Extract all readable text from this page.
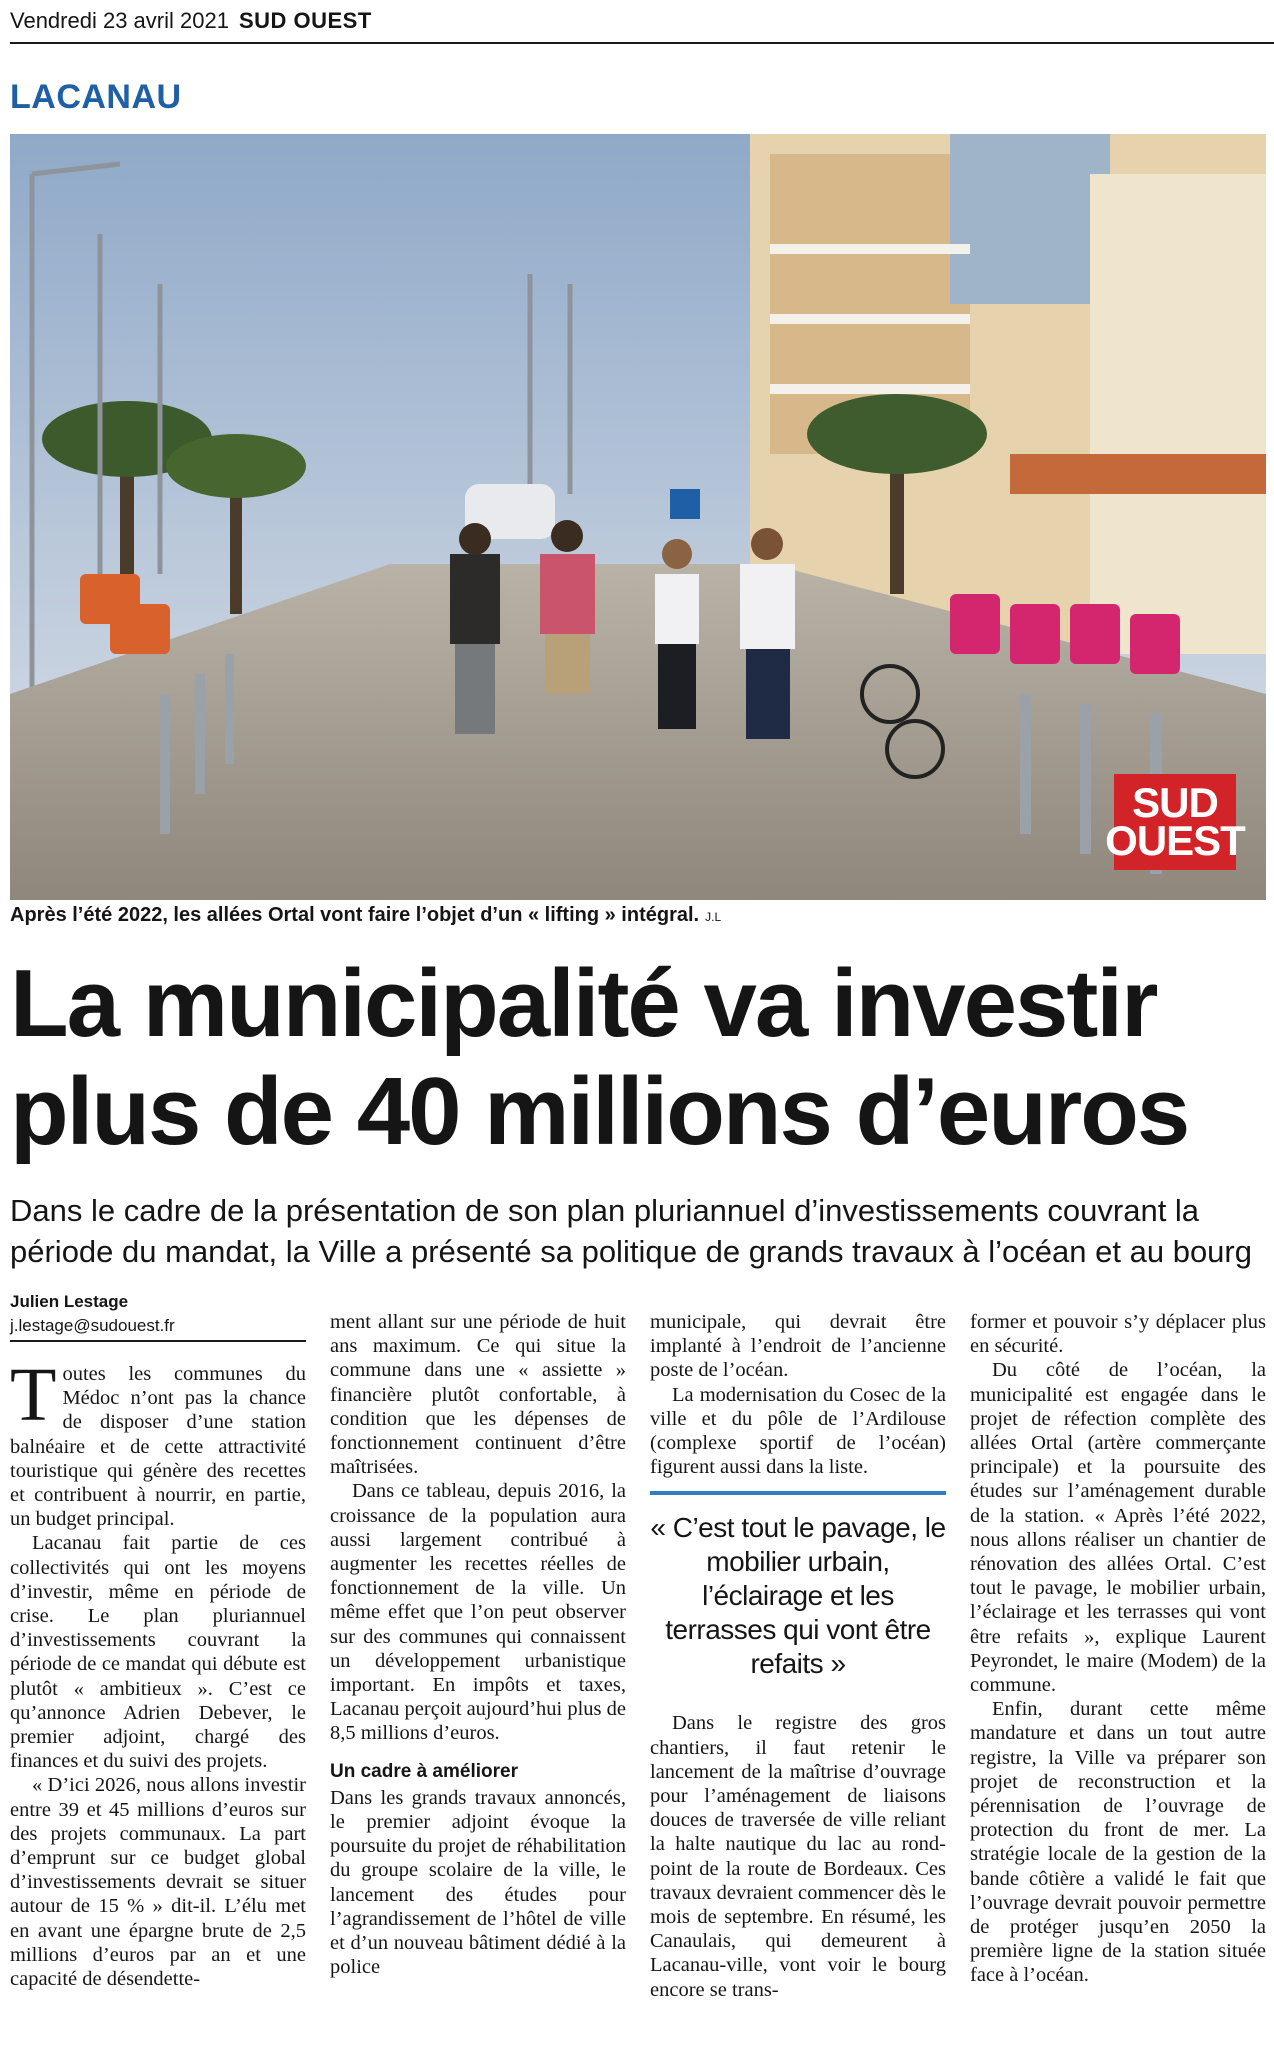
Vendredi 23 avril 2021 SUD OUEST
LACANAU
SUD
OUEST
Après l’été 2022, les allées Ortal vont faire l’objet d’un « lifting » intégral. J.L
La municipalité va investir plus de 40 millions d’euros
Dans le cadre de la présentation de son plan pluriannuel d’investissements couvrant la période du mandat, la Ville a présenté sa politique de grands travaux à l’océan et au bourg
Julien Lestage
j.lestage@sudouest.fr

Toutes les communes du Médoc n’ont pas la chance de disposer d’une station balnéaire et de cette attractivité touristique qui génère des recettes et contribuent à nourrir, en partie, un budget principal.

Lacanau fait partie de ces collectivités qui ont les moyens d’investir, même en période de crise. Le plan pluriannuel d’investissements couvrant la période de ce mandat qui débute est plutôt « ambitieux ». C’est ce qu’annonce Adrien Debever, le premier adjoint, chargé des finances et du suivi des projets.

« D’ici 2026, nous allons investir entre 39 et 45 millions d’euros sur des projets communaux. La part d’emprunt sur ce budget global d’investissements devrait se situer autour de 15 % » dit-il. L’élu met en avant une épargne brute de 2,5 millions d’euros par an et une capacité de désendette-

ment allant sur une période de huit ans maximum. Ce qui situe la commune dans une « assiette » financière plutôt confortable, à condition que les dépenses de fonctionnement continuent d’être maîtrisées.

Dans ce tableau, depuis 2016, la croissance de la population aura aussi largement contribué à augmenter les recettes réelles de fonctionnement de la ville. Un même effet que l’on peut observer sur des communes qui connaissent un développement urbanistique important. En impôts et taxes, Lacanau perçoit aujourd’hui plus de 8,5 millions d’euros.

Un cadre à améliorer

Dans les grands travaux annoncés, le premier adjoint évoque la poursuite du projet de réhabilitation du groupe scolaire de la ville, le lancement des études pour l’agrandissement de l’hôtel de ville et d’un nouveau bâtiment dédié à la police

municipale, qui devrait être implanté à l’endroit de l’ancienne poste de l’océan.

La modernisation du Cosec de la ville et du pôle de l’Ardilouse (complexe sportif de l’océan) figurent aussi dans la liste.

« C’est tout le pavage, le mobilier urbain, l’éclairage et les terrasses qui vont être refaits »

Dans le registre des gros chantiers, il faut retenir le lancement de la maîtrise d’ouvrage pour l’aménagement de liaisons douces de traversée de ville reliant la halte nautique du lac au rond-point de la route de Bordeaux. Ces travaux devraient commencer dès le mois de septembre. En résumé, les Canaulais, qui demeurent à Lacanau-ville, vont voir le bourg encore se trans-

former et pouvoir s’y déplacer plus en sécurité.

Du côté de l’océan, la municipalité est engagée dans le projet de réfection complète des allées Ortal (artère commerçante principale) et la poursuite des études sur l’aménagement durable de la station. « Après l’été 2022, nous allons réaliser un chantier de rénovation des allées Ortal. C’est tout le pavage, le mobilier urbain, l’éclairage et les terrasses qui vont être refaits », explique Laurent Peyrondet, le maire (Modem) de la commune.

Enfin, durant cette même mandature et dans un tout autre registre, la Ville va préparer son projet de reconstruction et la pérennisation de l’ouvrage de protection du front de mer. La stratégie locale de la gestion de la bande côtière a validé le fait que l’ouvrage devrait pouvoir permettre de protéger jusqu’en 2050 la première ligne de la station située face à l’océan.
